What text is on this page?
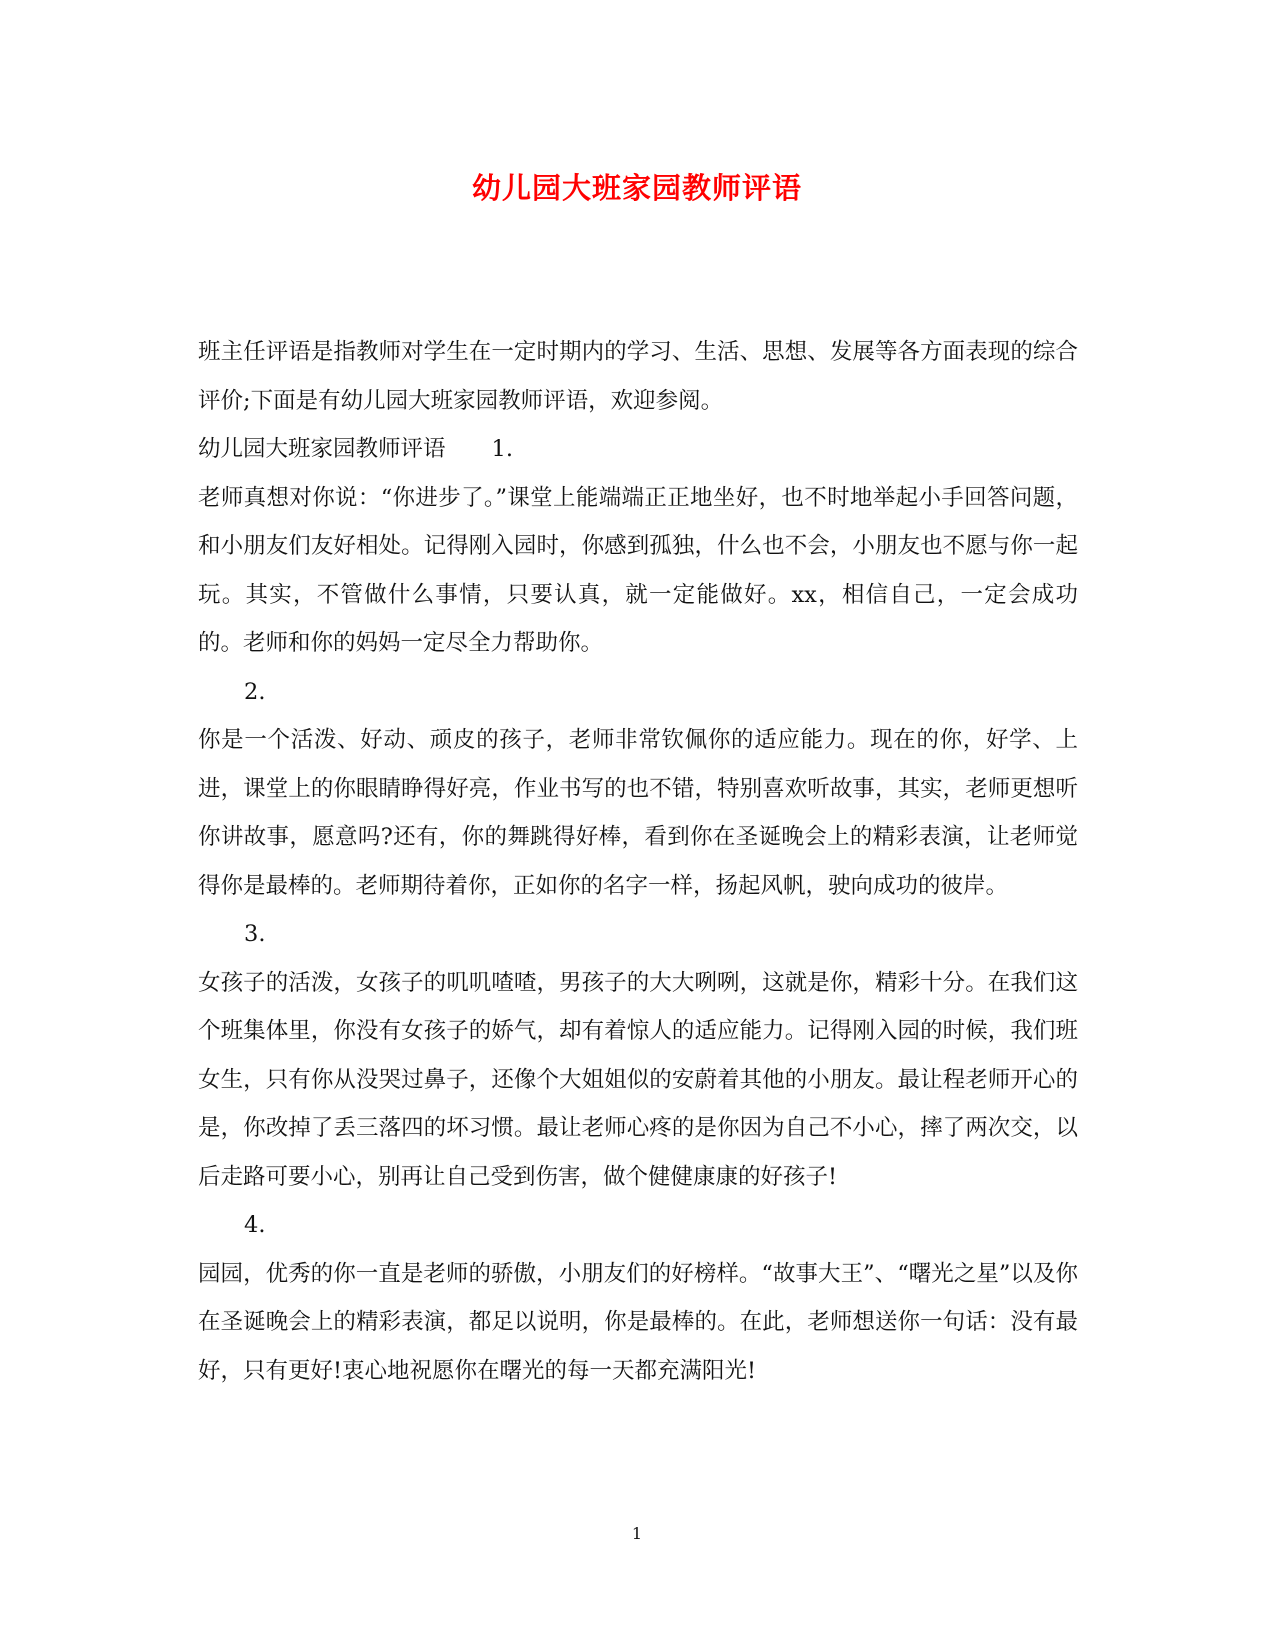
幼儿园大班家园教师评语

班主任评语是指教师对学生在一定时期内的学习、生活、思想、发展等各方面表现的综合评价;下面是有幼儿园大班家园教师评语，欢迎参阅。

幼儿园大班家园教师评语 1.

老师真想对你说：“你进步了。”课堂上能端端正正地坐好，也不时地举起小手回答问题，和小朋友们友好相处。记得刚入园时，你感到孤独，什么也不会，小朋友也不愿与你一起玩。其实，不管做什么事情，只要认真，就一定能做好。xx，相信自己，一定会成功的。老师和你的妈妈一定尽全力帮助你。

2.

你是一个活泼、好动、顽皮的孩子，老师非常钦佩你的适应能力。现在的你，好学、上进，课堂上的你眼睛睁得好亮，作业书写的也不错，特别喜欢听故事，其实，老师更想听你讲故事，愿意吗?还有，你的舞跳得好棒，看到你在圣诞晚会上的精彩表演，让老师觉得你是最棒的。老师期待着你，正如你的名字一样，扬起风帆，驶向成功的彼岸。

3.

女孩子的活泼，女孩子的叽叽喳喳，男孩子的大大咧咧，这就是你，精彩十分。在我们这个班集体里，你没有女孩子的娇气，却有着惊人的适应能力。记得刚入园的时候，我们班女生，只有你从没哭过鼻子，还像个大姐姐似的安蔚着其他的小朋友。最让程老师开心的是，你改掉了丢三落四的坏习惯。最让老师心疼的是你因为自己不小心，摔了两次交，以后走路可要小心，别再让自己受到伤害，做个健健康康的好孩子!

4.

园园，优秀的你一直是老师的骄傲，小朋友们的好榜样。“故事大王”、“曙光之星”以及你在圣诞晚会上的精彩表演，都足以说明，你是最棒的。在此，老师想送你一句话：没有最好，只有更好!衷心地祝愿你在曙光的每一天都充满阳光!

1
